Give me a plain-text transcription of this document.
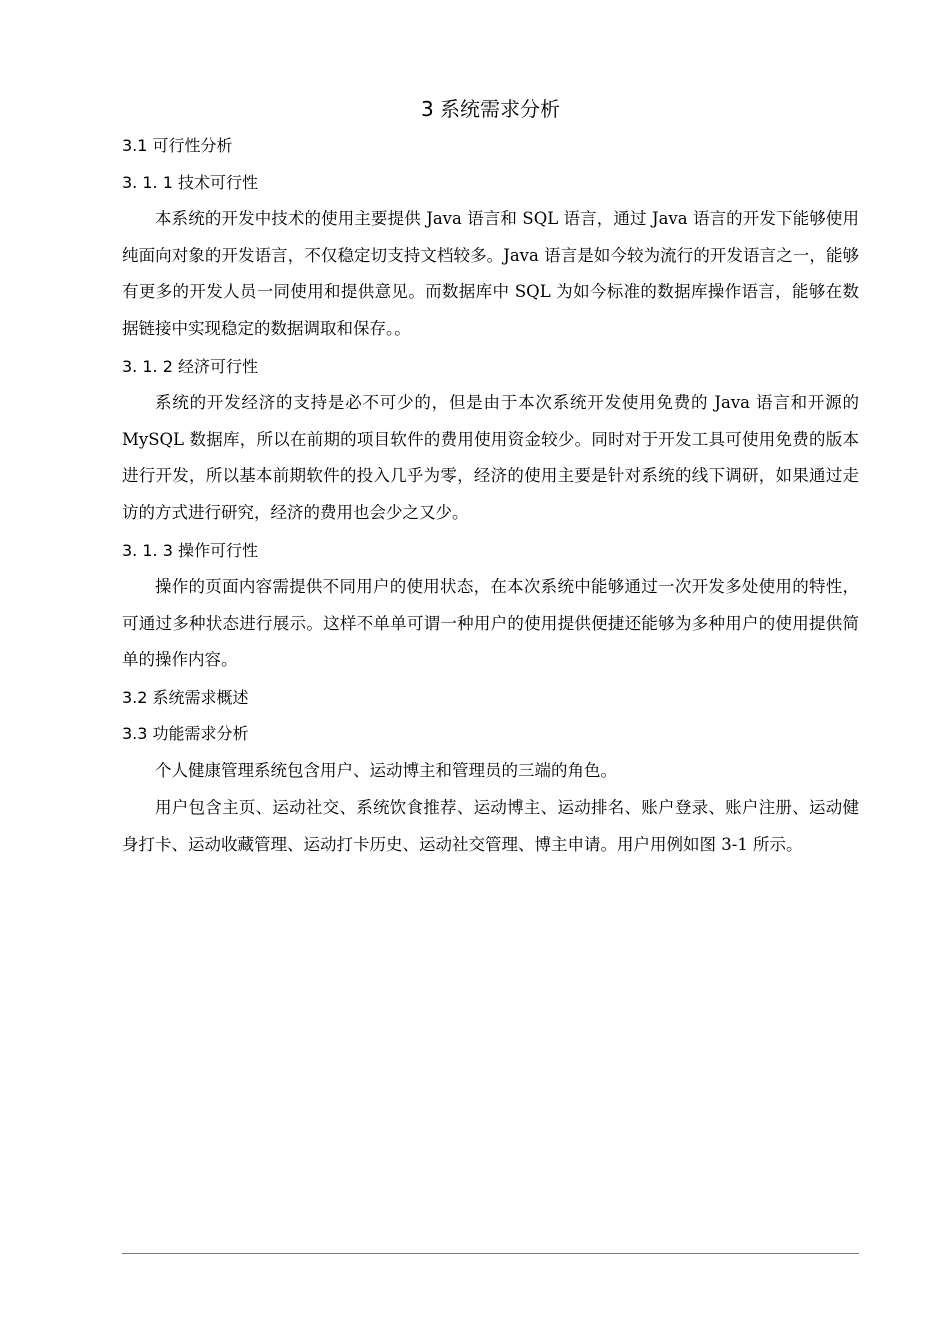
3 系统需求分析
3.1 可行性分析
3. 1. 1 技术可行性

本系统的开发中技术的使用主要提供 Java 语言和 SQL 语言，通过 Java 语言的开发下能够使用纯面向对象的开发语言，不仅稳定切支持文档较多。Java 语言是如今较为流行的开发语言之一，能够有更多的开发人员一同使用和提供意见。而数据库中 SQL 为如今标准的数据库操作语言，能够在数据链接中实现稳定的数据调取和保存。。

3. 1. 2 经济可行性

系统的开发经济的支持是必不可少的，但是由于本次系统开发使用免费的 Java 语言和开源的 MySQL 数据库，所以在前期的项目软件的费用使用资金较少。同时对于开发工具可使用免费的版本进行开发，所以基本前期软件的投入几乎为零，经济的使用主要是针对系统的线下调研，如果通过走访的方式进行研究，经济的费用也会少之又少。

3. 1. 3 操作可行性

操作的页面内容需提供不同用户的使用状态，在本次系统中能够通过一次开发多处使用的特性，可通过多种状态进行展示。这样不单单可谓一种用户的使用提供便捷还能够为多种用户的使用提供简单的操作内容。

3.2 系统需求概述
3.3 功能需求分析

个人健康管理系统包含用户、运动博主和管理员的三端的角色。

用户包含主页、运动社交、系统饮食推荐、运动博主、运动排名、账户登录、账户注册、运动健身打卡、运动收藏管理、运动打卡历史、运动社交管理、博主申请。用户用例如图 3-1 所示。
